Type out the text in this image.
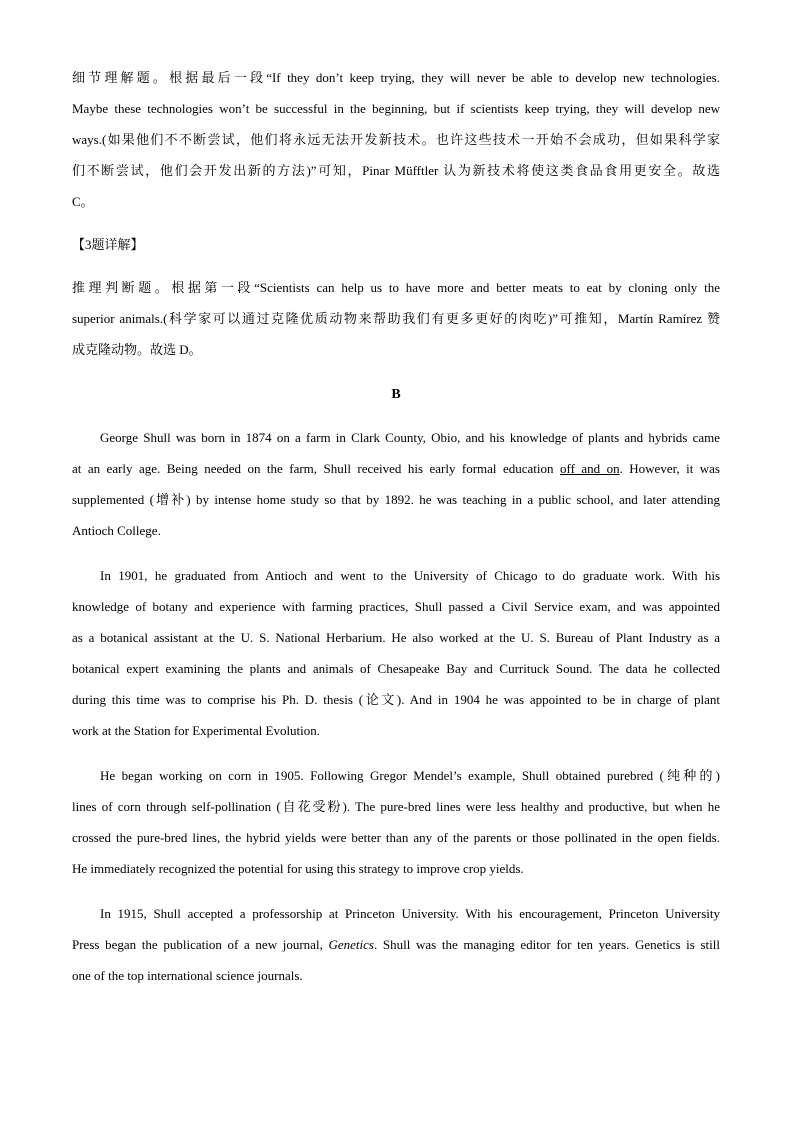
细节理解题。根据最后一段“If they don’t keep trying, they will never be able to develop new technologies.
Maybe these technologies won’t be successful in the beginning, but if scientists keep trying, they will develop new
ways.(如果他们不不断尝试，他们将永远无法开发新技术。也许这些技术一开始不会成功，但如果科学家
们不断尝试，他们会开发出新的方法)”可知，Pinar Müfftler 认为新技术将使这类食品食用更安全。故选
C。
【3题详解】
推理判断题。根据第一段“Scientists can help us to have more and better meats to eat by cloning only the
superior animals.(科学家可以通过克隆优质动物来帮助我们有更多更好的肉吃)”可推知，Martín Ramírez 赞
成克隆动物。故选 D。
B
George Shull was born in 1874 on a farm in Clark County, Obio, and his knowledge of plants and hybrids came
at an early age. Being needed on the farm, Shull received his early formal education off and on. However, it was
supplemented (增补) by intense home study so that by 1892. he was teaching in a public school, and later attending
Antioch College.
In 1901, he graduated from Antioch and went to the University of Chicago to do graduate work. With his
knowledge of botany and experience with farming practices, Shull passed a Civil Service exam, and was appointed
as a botanical assistant at the U. S. National Herbarium. He also worked at the U. S. Bureau of Plant Industry as a
botanical expert examining the plants and animals of Chesapeake Bay and Currituck Sound. The data he collected
during this time was to comprise his Ph. D. thesis (论文). And in 1904 he was appointed to be in charge of plant
work at the Station for Experimental Evolution.
He began working on corn in 1905. Following Gregor Mendel’s example, Shull obtained purebred (纯种的)
lines of corn through self-pollination (自花受粉). The pure-bred lines were less healthy and productive, but when he
crossed the pure-bred lines, the hybrid yields were better than any of the parents or those pollinated in the open fields.
He immediately recognized the potential for using this strategy to improve crop yields.
In 1915, Shull accepted a professorship at Princeton University. With his encouragement, Princeton University
Press began the publication of a new journal, Genetics. Shull was the managing editor for ten years. Genetics is still
one of the top international science journals.
